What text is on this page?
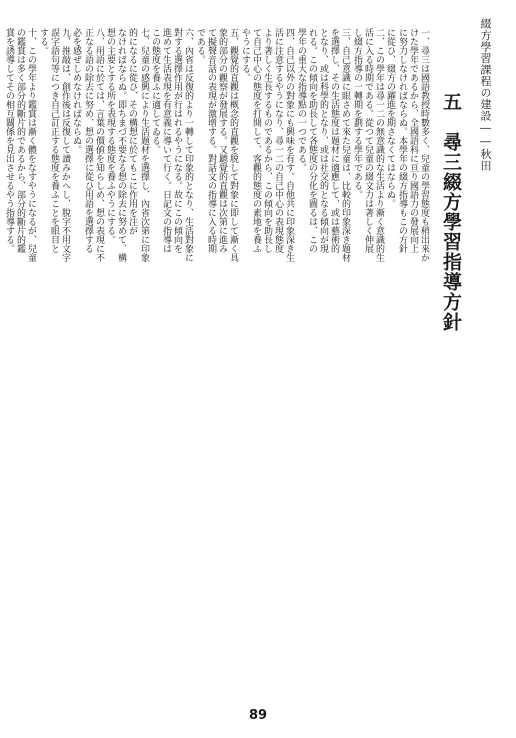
綴方學習課程の建設――秋田
五　尋三綴方學習指導方針
89
一、尋三は國語教授時數多く、兒童の學習態度も稍出來か
けた學年であるから、全國語科に亘り國語力の發展向上
に努力しなければならぬ。本學年の綴方指導もこの方針
に從ひ、綴方の躍進を期さなくてはならぬ。
二、この學年は尋一二の無意識的な生活より漸く意識的生
活に入る時期である。從つて兒童の綴文力は著しく伸展
し綴方指導の一轉期を劃する學年である。
三、自己意識に眼さめて來た兒童は、比較的印象深き題材
を選擇し、その生活態度は題材に適應して、或は藝術的
となり、或は科學的となり、或は社交的となる傾向が現
れる。この傾向を助長して各態度の分化を圖るは、この
學年の重大な指導點の一つである。
四、自己以外の對象にも興味を有す。自他共に印象深き生
活に注意するやうになり、尋一二の自己中心の表現態度
より著しく生長するものであるから、この傾向を助長し
て自己中心の態度を打開して、客觀的態度の素地を養ふ
やうにする。
五、觀覺的直觀は概念的直觀を脱して對象に即して漸く具
象的部分の觀察が發展する。又聽覺的直觀は次第に進み
て擬聲音話の表現が激增する。對話文の指導に入る時期
である。
六、內省は反復的より一轉して印象的となり、生活對象に
對する選擇作用が行はれるやうになる。故にこの傾向を
進めて生活表現を有意義に導いて行く。日記文の指導は
この態度を養ふに適してゐる。
七、兒童の感興により生活題材を選擇し、內省次第に印象
的になるに從ひ、その構想に於てもこに作用を注が
なければならぬ。即ちまづ不要なる想の除去に努めて、構
想の主要とする所を表現する態度を養ふやうにする。
八、用語に於ては、言葉の價値を知らしめ、想の表現に不
正なる語の除去に努め、想の選擇に從ひ用語を選擇する
必を感ぜしめなければならぬ。
九、推敲は、創作後は反復して讀みかへし、脫字不用文字
誤字語句等につき自己訂正する態度を養ふことを眼目と
する。
十、この學年より鑑賞は漸く體をなすやうになるが、兒童
の鑑賞は多く部分的斷片的であるから、部分的斷片的鑑
賞を誘導してその相互關係を見出させるやう指導する。
